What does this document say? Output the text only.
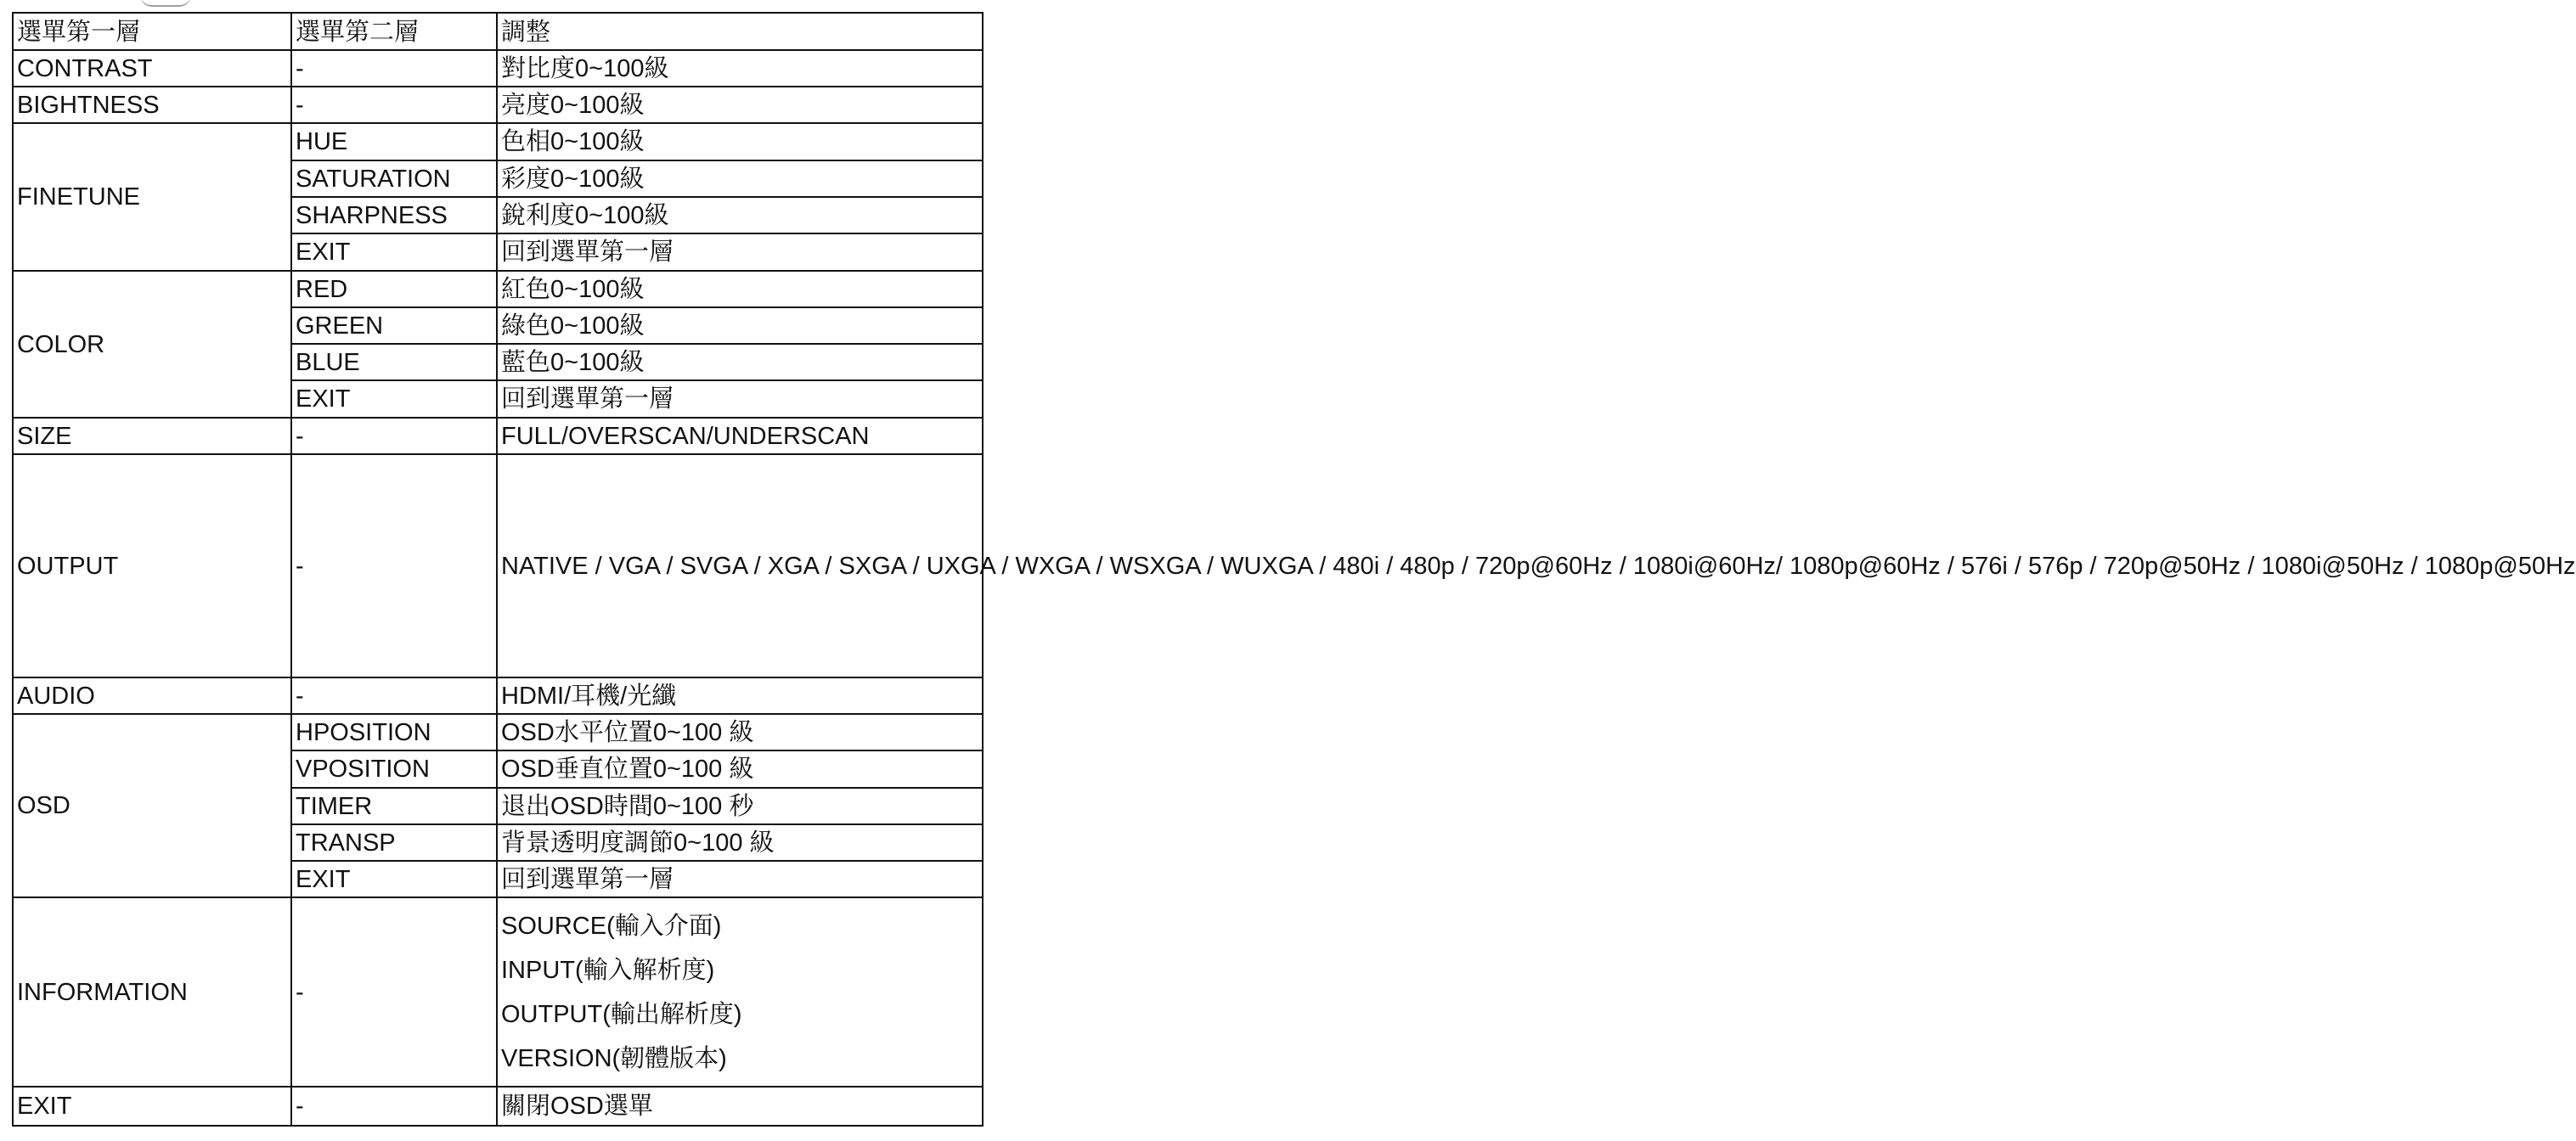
選單第一層	選單第二層	調整
CONTRAST	-	對比度0~100級
BIGHTNESS	-	亮度0~100級
FINETUNE	HUE	色相0~100級
	SATURATION	彩度0~100級
	SHARPNESS	銳利度0~100級
	EXIT	回到選單第一層
COLOR	RED	紅色0~100級
	GREEN	綠色0~100級
	BLUE	藍色0~100級
	EXIT	回到選單第一層
SIZE	-	FULL/OVERSCAN/UNDERSCAN
OUTPUT	-	NATIVE / VGA / SVGA / XGA / SXGA / UXGA / WXGA / WSXGA / WUXGA / 480i / 480p / 720p@60Hz / 1080i@60Hz/ 1080p@60Hz / 576i / 576p / 720p@50Hz / 1080i@50Hz / 1080p@50Hz
AUDIO	-	HDMI/耳機/光纖
OSD	HPOSITION	OSD水平位置0~100 級
	VPOSITION	OSD垂直位置0~100 級
	TIMER	退出OSD時間0~100 秒
	TRANSP	背景透明度調節0~100 級
	EXIT	回到選單第一層
INFORMATION	-	SOURCE(輸入介面)
INPUT(輸入解析度)
OUTPUT(輸出解析度)
VERSION(韌體版本)

EXIT	-	關閉OSD選單
